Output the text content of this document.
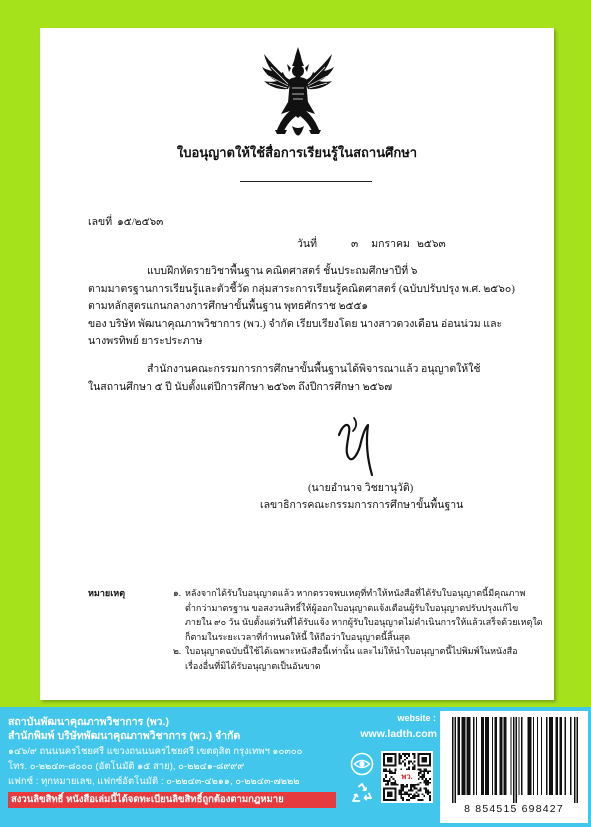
ใบอนุญาตให้ใช้สื่อการเรียนรู้ในสถานศึกษา
เลขที่ ๑๕/๒๕๖๓
วันที่	๓ มกราคม ๒๕๖๓
แบบฝึกหัดรายวิชาพื้นฐาน คณิตศาสตร์ ชั้นประถมศึกษาปีที่ ๖
ตามมาตรฐานการเรียนรู้และตัวชี้วัด กลุ่มสาระการเรียนรู้คณิตศาสตร์ (ฉบับปรับปรุง พ.ศ. ๒๕๖๐)
ตามหลักสูตรแกนกลางการศึกษาขั้นพื้นฐาน พุทธศักราช ๒๕๕๑
ของ บริษัท พัฒนาคุณภาพวิชาการ (พว.) จำกัด เรียบเรียงโดย นางสาวดวงเดือน อ่อนน่วม และ
นางพรทิพย์ ยาระประภาษ
สำนักงานคณะกรรมการการศึกษาขั้นพื้นฐานได้พิจารณาแล้ว อนุญาตให้ใช้
ในสถานศึกษา ๕ ปี นับตั้งแต่ปีการศึกษา ๒๕๖๓ ถึงปีการศึกษา ๒๕๖๗
(นายอำนาจ วิชยานุวัติ)
เลขาธิการคณะกรรมการการศึกษาขั้นพื้นฐาน
หมายเหตุ	๑. หลังจากได้รับใบอนุญาตแล้ว หากตรวจพบเหตุที่ทำให้หนังสือที่ได้รับใบอนุญาตนี้มีคุณภาพ
ต่ำกว่ามาตรฐาน ขอสงวนสิทธิ์ให้ผู้ออกใบอนุญาตแจ้งเตือนผู้รับใบอนุญาตปรับปรุงแก้ไข
ภายใน ๙๐ วัน นับตั้งแต่วันที่ได้รับแจ้ง หากผู้รับใบอนุญาตไม่ดำเนินการให้แล้วเสร็จด้วยเหตุใด
ก็ตามในระยะเวลาที่กำหนดให้นี้ ให้ถือว่าใบอนุญาตนี้สิ้นสุด
๒. ใบอนุญาตฉบับนี้ใช้ได้เฉพาะหนังสือนี้เท่านั้น และไม่ให้นำใบอนุญาตนี้ไปพิมพ์ในหนังสือ
เรื่องอื่นที่มิได้รับอนุญาตเป็นอันขาด
สถาบันพัฒนาคุณภาพวิชาการ (พว.)
สำนักพิมพ์ บริษัทพัฒนาคุณภาพวิชาการ (พว.) จำกัด
๑๔๖/๙ ถนนนครไชยศรี แขวงถนนนครไชยศรี เขตดุสิต กรุงเทพฯ ๑๐๓๐๐
โทร. ๐-๒๒๔๓-๘๐๐๐ (อัตโนมัติ ๑๕ สาย), ๐-๒๒๔๑-๘๙๙๙
แฟกซ์ : ทุกหมายเลข, แฟกซ์อัตโนมัติ : ๐-๒๒๔๓-๔๒๑๑, ๐-๒๒๔๓-๗๒๒๒
สงวนลิขสิทธิ์ หนังสือเล่มนี้ได้จดทะเบียนลิขสิทธิ์ถูกต้องตามกฎหมาย
website :
www.ladth.com
พว.
8 854515 698427
